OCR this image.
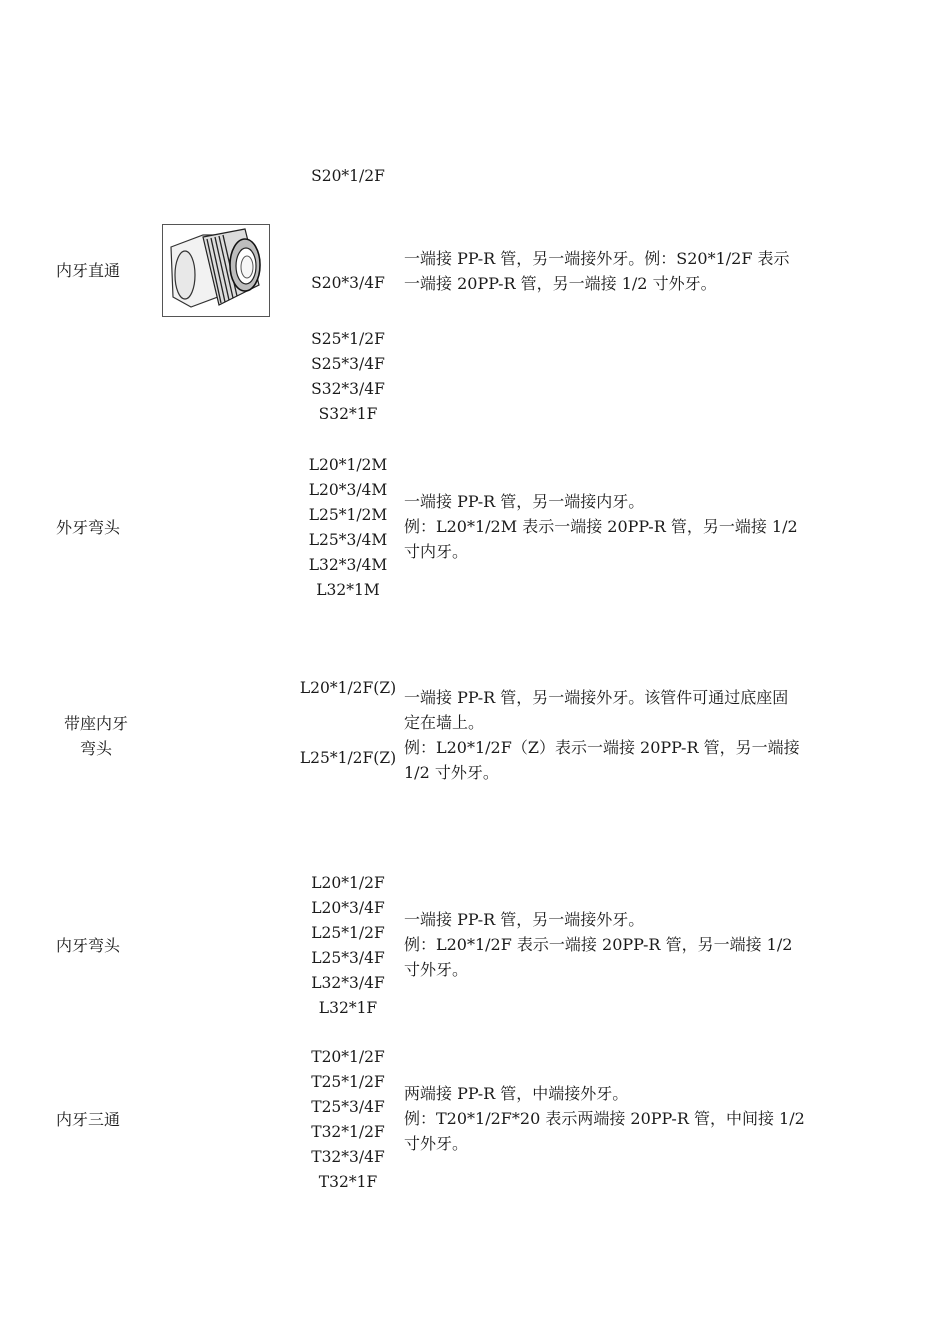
内牙直通
S20*1/2F
S20*3/4F
S25*1/2F
S25*3/4F
S32*3/4F
S32*1F
一端接 PP-R 管，另一端接外牙。例：S20*1/2F 表示
一端接 20PP-R 管，另一端接 1/2 寸外牙。
外牙弯头
L20*1/2M
L20*3/4M
L25*1/2M
L25*3/4M
L32*3/4M
L32*1M
一端接 PP-R 管，另一端接内牙。
例：L20*1/2M 表示一端接 20PP-R 管，另一端接 1/2
寸内牙。
带座内牙
弯头
L20*1/2F(Z)
L25*1/2F(Z)
一端接 PP-R 管，另一端接外牙。该管件可通过底座固
定在墙上。
例：L20*1/2F（Z）表示一端接 20PP-R 管，另一端接
1/2 寸外牙。
内牙弯头
L20*1/2F
L20*3/4F
L25*1/2F
L25*3/4F
L32*3/4F
L32*1F
一端接 PP-R 管，另一端接外牙。
例：L20*1/2F 表示一端接 20PP-R 管，另一端接 1/2
寸外牙。
内牙三通
T20*1/2F
T25*1/2F
T25*3/4F
T32*1/2F
T32*3/4F
T32*1F
两端接 PP-R 管，中端接外牙。
例：T20*1/2F*20 表示两端接 20PP-R 管，中间接 1/2
寸外牙。
